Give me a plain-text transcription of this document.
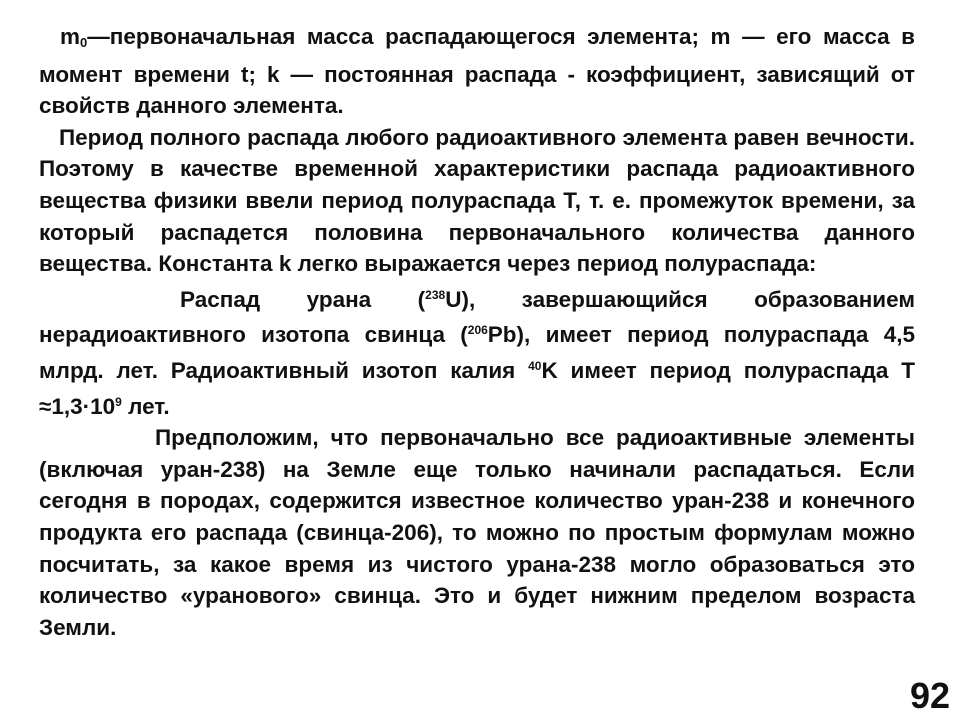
$m_0—первоначальная$ масса распадающегося элемента; m — его масса в момент времени t; k — постоянная распада - коэффициент, зависящий от свойств данного элемента.

Период полного распада любого радиоактивного элемента равен вечности. Поэтому в качестве временной характеристики распада радиоактивного вещества физики ввели период полураспада Т, т. е. промежуток времени, за который распадется половина первоначального количества данного вещества. Константа k легко выражается через период полураспада:

Распад урана ($^{238}$U), завершающийся образованием нерадиоактивного изотопа свинца ($^{206}$Pb), имеет период полураспада 4,5 млрд. лет. Радиоактивный изотоп калия $^{40}$K имеет период полураспада $Т \approx 1,3\cdot 10^9$ лет.

Предположим, что первоначально все радиоактивные элементы (включая уран-238) на Земле еще только начинали распадаться. Если сегодня в породах, содержится известное количество уран-238 и конечного продукта его распада (свинца-206), то можно по простым формулам можно посчитать, за какое время из чистого урана-238 могло образоваться это количество «уранового» свинца. Это и будет нижним пределом возраста Земли.

92
